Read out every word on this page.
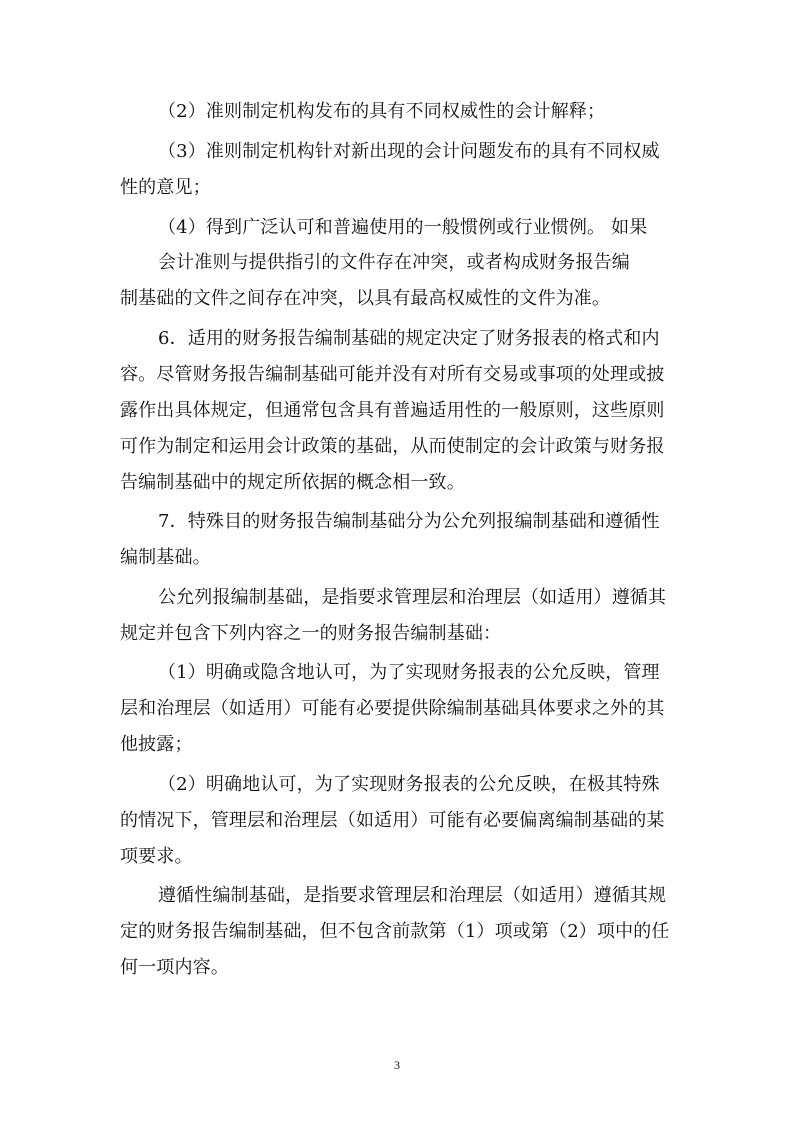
（2）准则制定机构发布的具有不同权威性的会计解释；
（3）准则制定机构针对新出现的会计问题发布的具有不同权威
性的意见；
（4）得到广泛认可和普遍使用的一般惯例或行业惯例。 如果
会计准则与提供指引的文件存在冲突，或者构成财务报告编
制基础的文件之间存在冲突，以具有最高权威性的文件为准。
6．适用的财务报告编制基础的规定决定了财务报表的格式和内
容。尽管财务报告编制基础可能并没有对所有交易或事项的处理或披
露作出具体规定，但通常包含具有普遍适用性的一般原则，这些原则
可作为制定和运用会计政策的基础，从而使制定的会计政策与财务报
告编制基础中的规定所依据的概念相一致。
7．特殊目的财务报告编制基础分为公允列报编制基础和遵循性
编制基础。
公允列报编制基础，是指要求管理层和治理层（如适用）遵循其
规定并包含下列内容之一的财务报告编制基础：
（1）明确或隐含地认可，为了实现财务报表的公允反映，管理
层和治理层（如适用）可能有必要提供除编制基础具体要求之外的其
他披露；
（2）明确地认可，为了实现财务报表的公允反映，在极其特殊
的情况下，管理层和治理层（如适用）可能有必要偏离编制基础的某
项要求。
遵循性编制基础，是指要求管理层和治理层（如适用）遵循其规
定的财务报告编制基础，但不包含前款第（1）项或第（2）项中的任
何一项内容。
3
